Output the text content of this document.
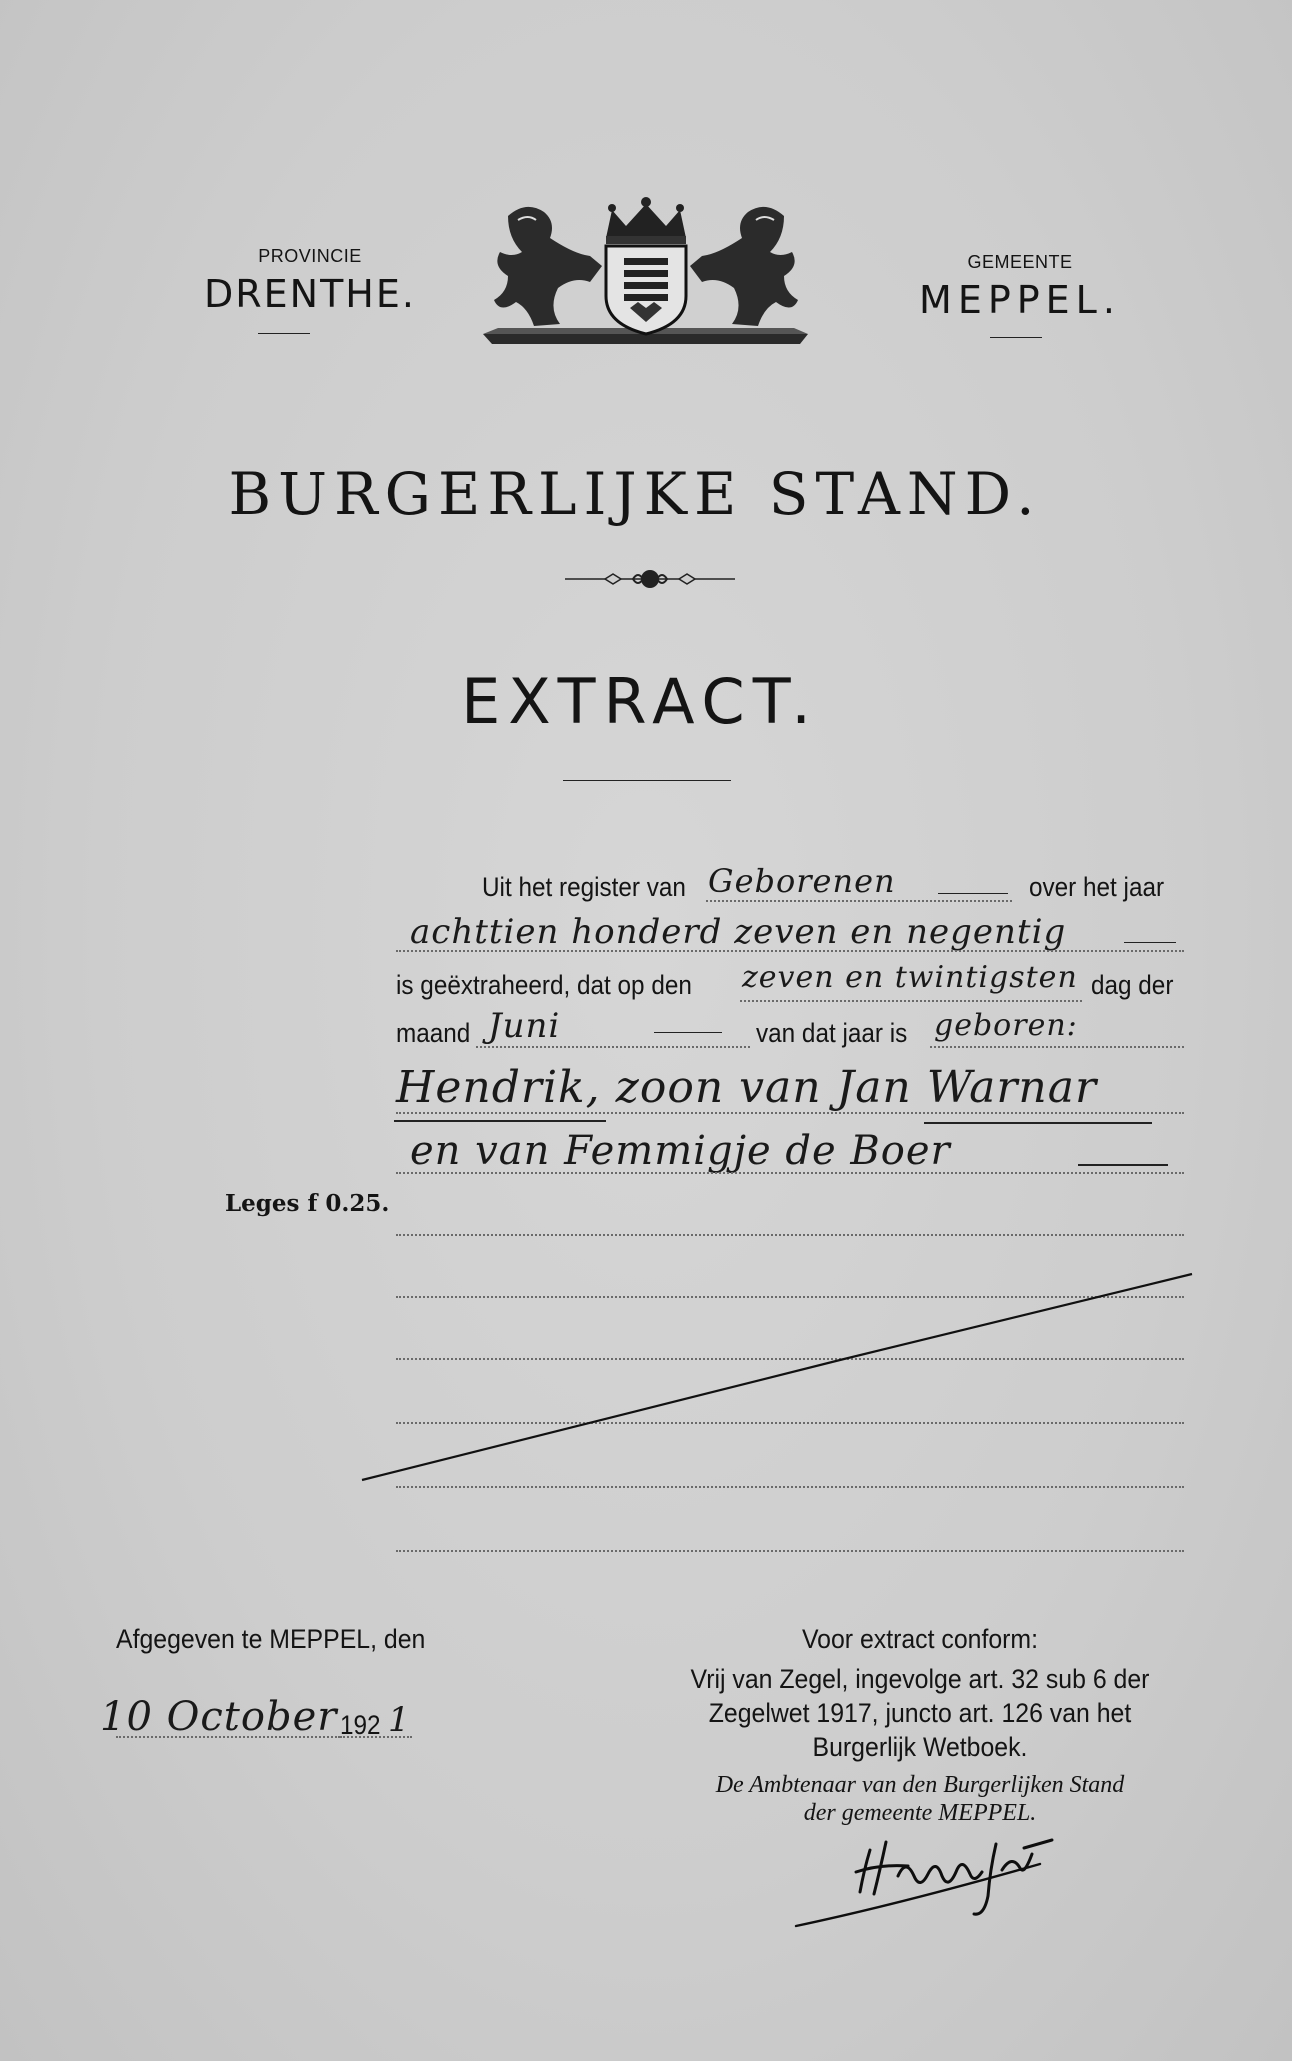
PROVINCIE
DRENTHE.
GEMEENTE
MEPPEL.
BURGERLIJKE STAND.
EXTRACT.
Uit het register van Geborenen	over het jaar
achttien honderd zeven en negentig
is geëxtraheerd, dat op den zeven en twintigsten dag der
maand Juni	van dat jaar is geboren:
Hendrik, zoon van Jan Warnar
en van Femmigje de Boer
Leges f 0.25.
Afgegeven te MEPPEL, den
10 October 192 1
Voor extract conform:
Vrij van Zegel, ingevolge art. 32 sub 6 der
Zegelwet 1917, juncto art. 126 van het
Burgerlijk Wetboek.
De Ambtenaar van den Burgerlijken Stand
der gemeente MEPPEL.
